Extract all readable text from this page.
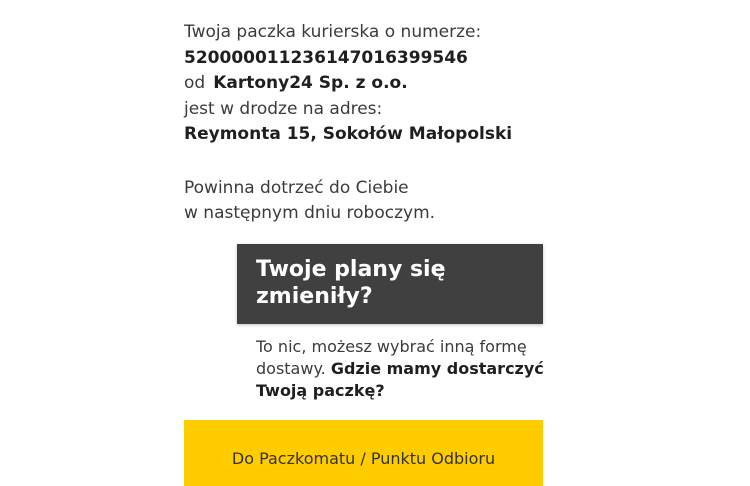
Twoja paczka kurierska o numerze:
520000011236147016399546
od Kartony24 Sp. z o.o.
jest w drodze na adres:
Reymonta 15, Sokołów Małopolski
Powinna dotrzeć do Ciebie
w następnym dniu roboczym.
Twoje plany się zmieniły?
To nic, możesz wybrać inną formę dostawy. Gdzie mamy dostarczyć Twoją paczkę?
Do Paczkomatu / Punktu Odbioru
